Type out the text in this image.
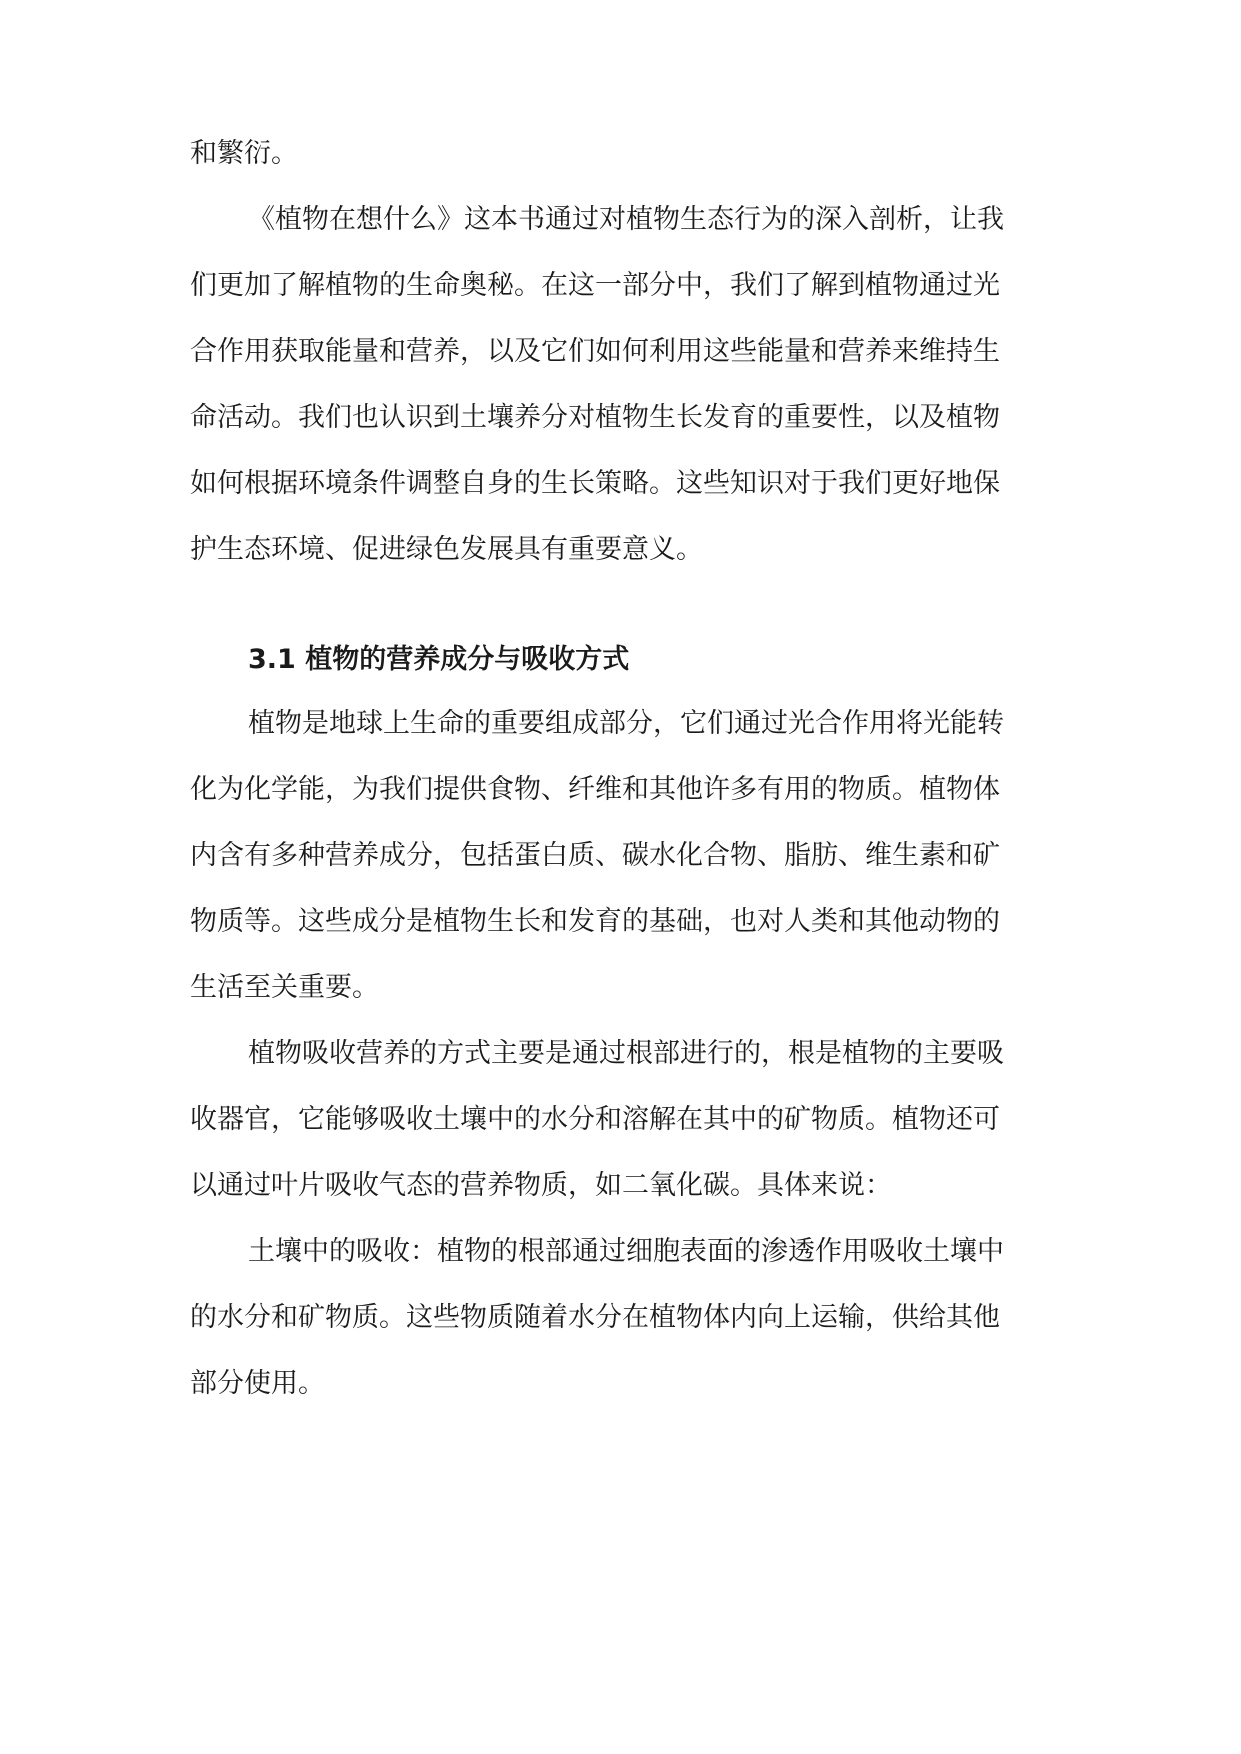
和繁衍。
《植物在想什么》这本书通过对植物生态行为的深入剖析，让我
们更加了解植物的生命奥秘。在这一部分中，我们了解到植物通过光
合作用获取能量和营养，以及它们如何利用这些能量和营养来维持生
命活动。我们也认识到土壤养分对植物生长发育的重要性，以及植物
如何根据环境条件调整自身的生长策略。这些知识对于我们更好地保
护生态环境、促进绿色发展具有重要意义。
3.1 植物的营养成分与吸收方式
植物是地球上生命的重要组成部分，它们通过光合作用将光能转
化为化学能，为我们提供食物、纤维和其他许多有用的物质。植物体
内含有多种营养成分，包括蛋白质、碳水化合物、脂肪、维生素和矿
物质等。这些成分是植物生长和发育的基础，也对人类和其他动物的
生活至关重要。
植物吸收营养的方式主要是通过根部进行的，根是植物的主要吸
收器官，它能够吸收土壤中的水分和溶解在其中的矿物质。植物还可
以通过叶片吸收气态的营养物质，如二氧化碳。具体来说：
土壤中的吸收：植物的根部通过细胞表面的渗透作用吸收土壤中
的水分和矿物质。这些物质随着水分在植物体内向上运输，供给其他
部分使用。
